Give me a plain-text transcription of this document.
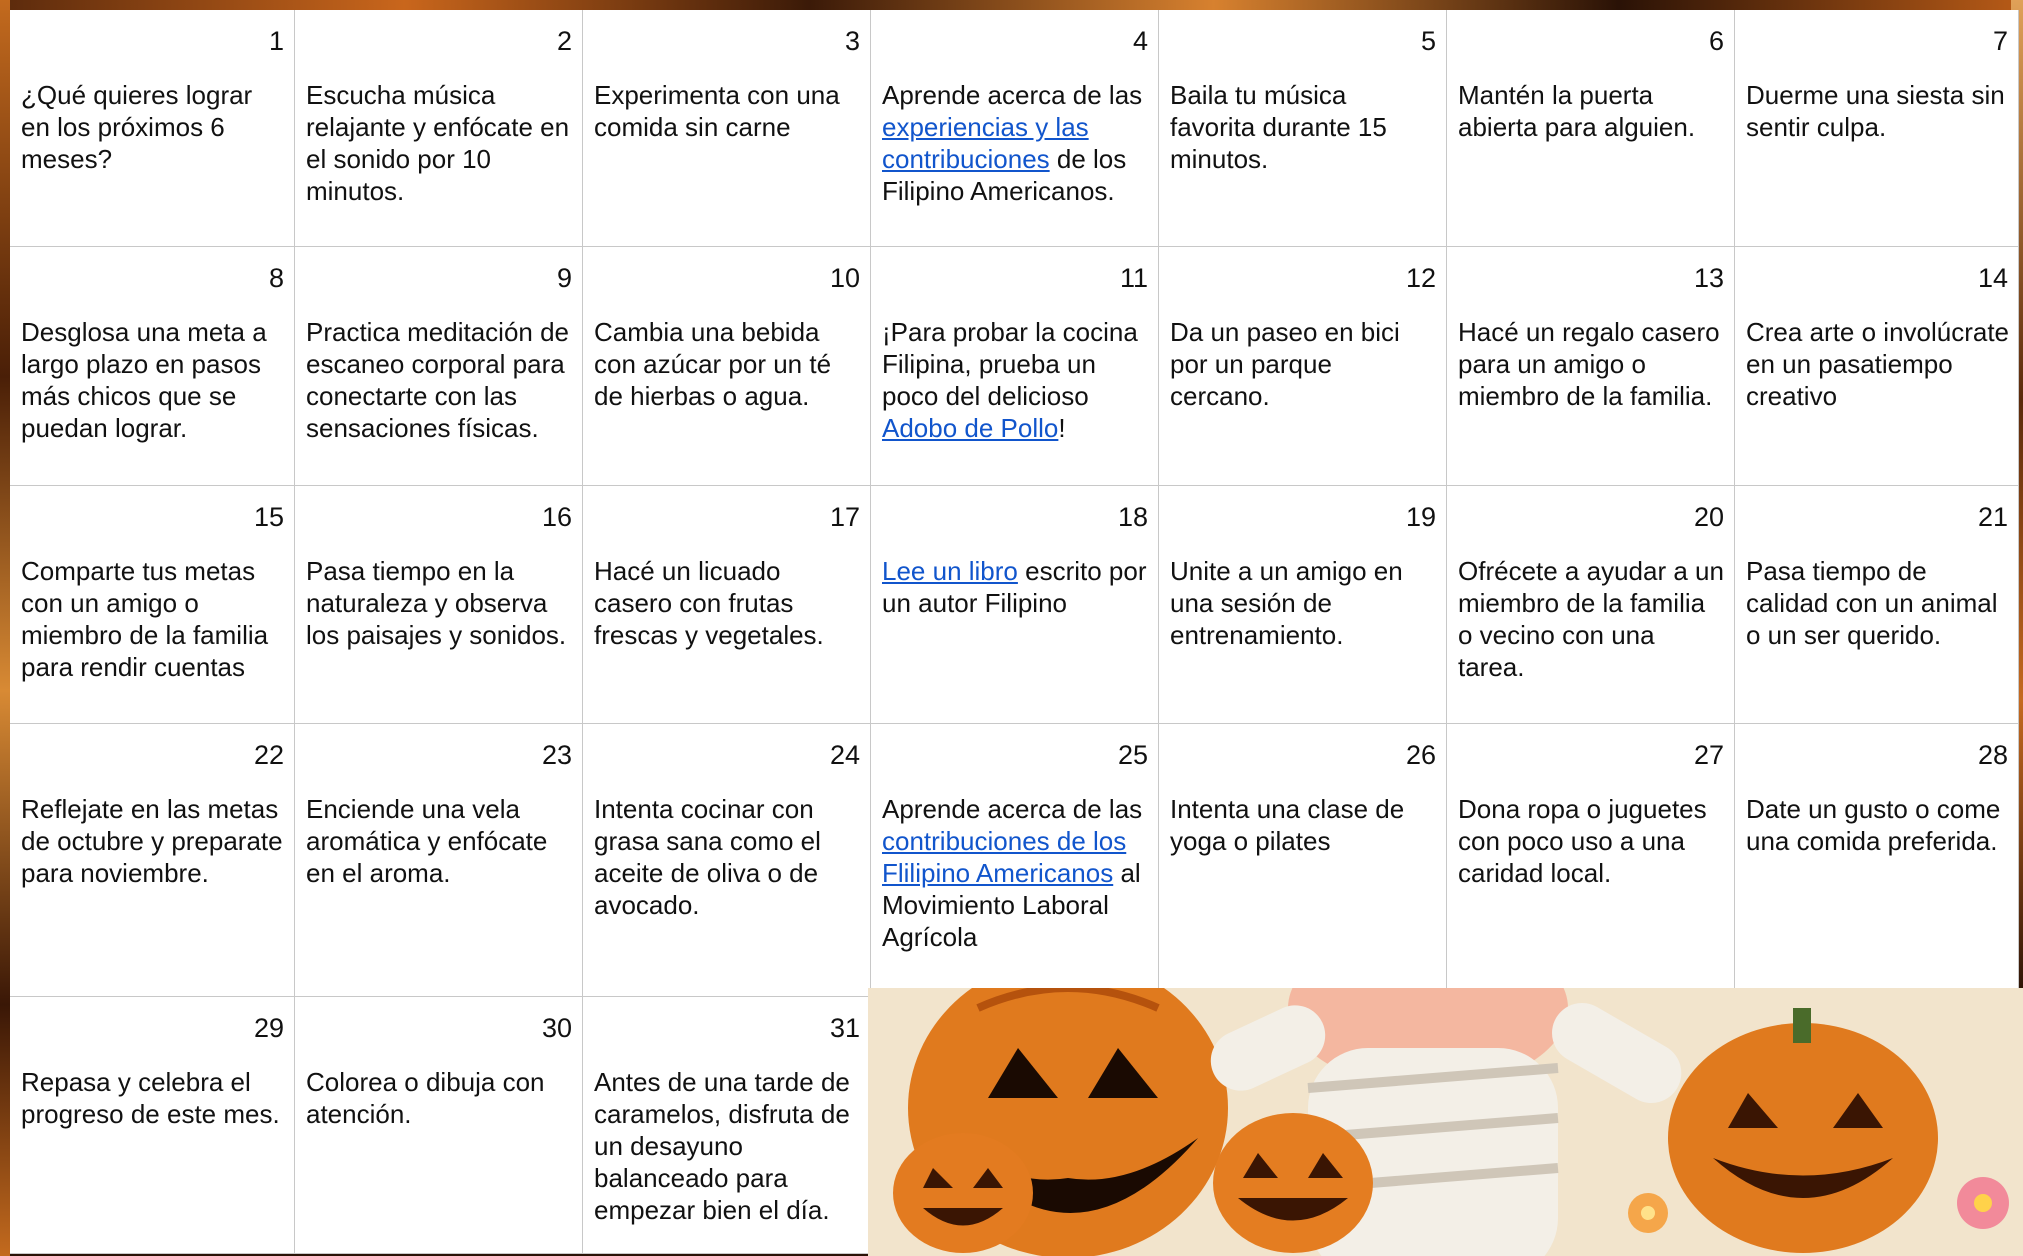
1
¿Qué quieres lograr en los próximos 6 meses?
2
Escucha música relajante y enfócate en el sonido por 10 minutos.
3
Experimenta con una comida sin carne
4
Aprende acerca de las experiencias y las contribuciones de los Filipino Americanos.
5
Baila tu música favorita durante 15 minutos.
6
Mantén la puerta abierta para alguien.
7
Duerme una siesta sin sentir culpa.
8
Desglosa una meta a largo plazo en pasos más chicos que se puedan lograr.
9
Practica meditación de escaneo corporal para conectarte con las sensaciones físicas.
10
Cambia una bebida con azúcar por un té de hierbas o agua.
11
¡Para probar la cocina Filipina, prueba un poco del delicioso Adobo de Pollo!
12
Da un paseo en bici por un parque cercano.
13
Hacé un regalo casero para un amigo o miembro de la familia.
14
Crea arte o involúcrate en un pasatiempo creativo
15
Comparte tus metas con un amigo o miembro de la familia para rendir cuentas
16
Pasa tiempo en la naturaleza y observa los paisajes y sonidos.
17
Hacé un licuado casero con frutas frescas y vegetales.
18
Lee un libro escrito por un autor Filipino
19
Unite a un amigo en una sesión de entrenamiento.
20
Ofrécete a ayudar a un miembro de la familia o vecino con una tarea.
21
Pasa tiempo de calidad con un animal o un ser querido.
22
Reflejate en las metas de octubre y preparate para noviembre.
23
Enciende una vela aromática y enfócate en el aroma.
24
Intenta cocinar con grasa sana como el aceite de oliva o de avocado.
25
Aprende acerca de las contribuciones de los Flilipino Americanos al Movimiento Laboral Agrícola
26
Intenta una clase de yoga o pilates
27
Dona ropa o juguetes con poco uso a una caridad local.
28
Date un gusto o come una comida preferida.
29
Repasa y celebra el progreso de este mes.
30
Colorea o dibuja con atención.
31
Antes de una tarde de caramelos, disfruta de un desayuno balanceado para empezar bien el día.
